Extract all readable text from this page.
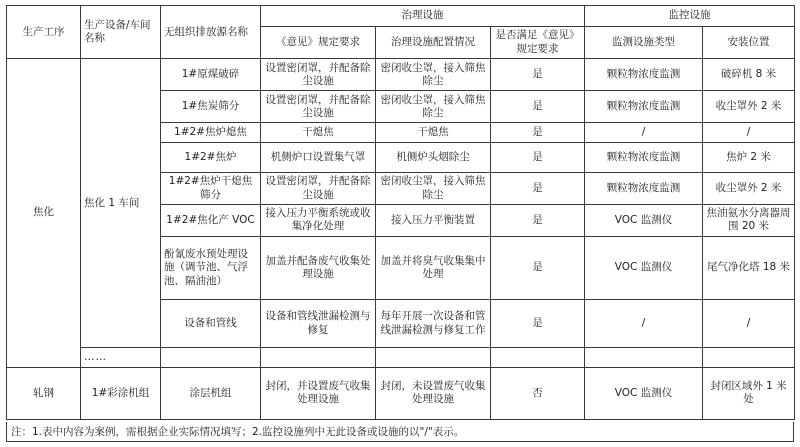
生产工序	生产设备/车间名称	无组织排放源名称	治理设施			监控设施	
			《意见》规定要求	治理设施配置情况	是否满足《意见》规定要求	监测设施类型	安装位置
焦化	焦化 1 车间	1#原煤破碎	设置密闭罩，并配备除尘设施	密闭收尘罩，接入筛焦除尘	是	颗粒物浓度监测	破碎机 8 米
		1#焦炭筛分	设置密闭罩，并配备除尘设施	密闭收尘罩，接入筛焦除尘	是	颗粒物浓度监测	收尘罩外 2 米
		1#2#焦炉熄焦	干熄焦	干熄焦	是	/	/
		1#2#焦炉	机侧炉口设置集气罩	机侧炉头烟除尘	是	颗粒物浓度监测	焦炉 2 米
		1#2#焦炉干熄焦筛分	设置密闭罩，并配备除尘设施	密闭收尘罩，接入筛焦除尘	是	颗粒物浓度监测	收尘罩外 2 米
		1#2#焦化产 VOC	接入压力平衡系统或收集净化处理	接入压力平衡装置	是	VOC 监测仪	焦油氨水分离器周围 20 米
		酚氰废水预处理设施（调节池、气浮池、隔油池）	加盖并配备废气收集处理设施	加盖并将臭气收集集中处理	是	VOC 监测仪	尾气净化塔 18 米
		设备和管线	设备和管线泄漏检测与修复	每年开展一次设备和管线泄漏检测与修复工作	是	/	/
	……						
轧钢	1#彩涂机组	涂层机组	封闭，并设置废气收集处理设施	封闭，未设置废气收集处理设施	否	VOC 监测仪	封闭区域外 1 米处
注：1.表中内容为案例，需根据企业实际情况填写；2.监控设施列中无此设备或设施的以"/"表示。
